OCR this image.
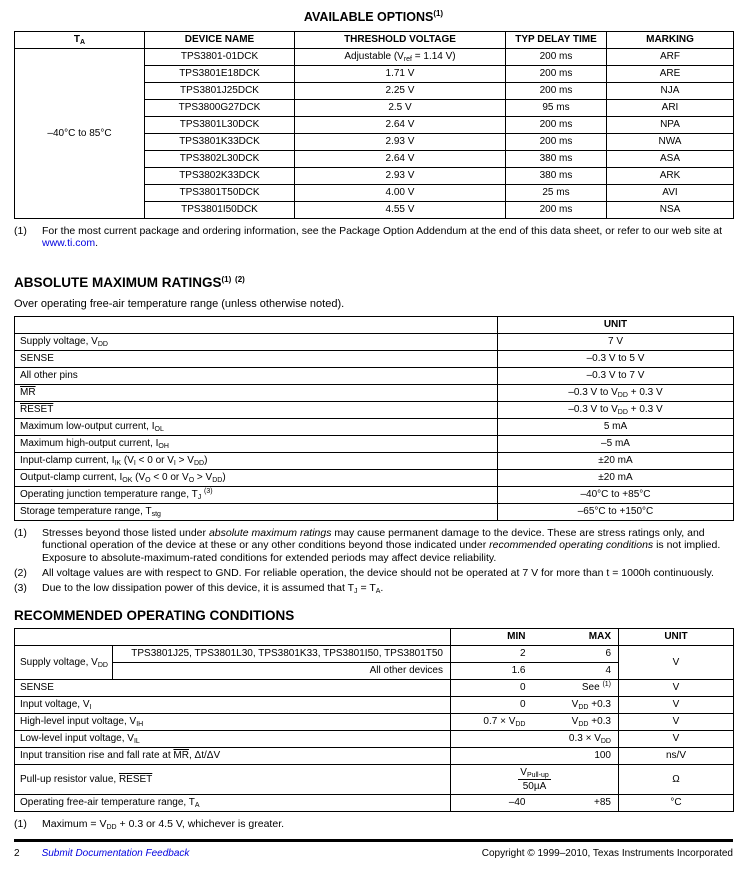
AVAILABLE OPTIONS$^{(1)}$
$T_A$	DEVICE NAME	THRESHOLD VOLTAGE	TYP DELAY TIME	MARKING
–40°C to 85°C	TPS3801-01DCK	Adjustable ($V_{ref} = 1.14$ V)	200 ms	ARF
	TPS3801E18DCK	1.71 V	200 ms	ARE
	TPS3801J25DCK	2.25 V	200 ms	NJA
	TPS3800G27DCK	2.5 V	95 ms	ARI
	TPS3801L30DCK	2.64 V	200 ms	NPA
	TPS3801K33DCK	2.93 V	200 ms	NWA
	TPS3802L30DCK	2.64 V	380 ms	ASA
	TPS3802K33DCK	2.93 V	380 ms	ARK
	TPS3801T50DCK	4.00 V	25 ms	AVI
	TPS3801I50DCK	4.55 V	200 ms	NSA
(1)	For the most current package and ordering information, see the Package Option Addendum at the end of this data sheet, or refer to our web site at www.ti.com.
ABSOLUTE MAXIMUM RATINGS$^{(1)}$ $^{(2)}$
Over operating free-air temperature range (unless otherwise noted).
	UNIT
Supply voltage, $V_{DD}$	7 V
SENSE	–0.3 V to 5 V
All other pins	–0.3 V to 7 V
$\overline{MR}$	–0.3 V to $V_{DD} + 0.3$ V
RESET	–0.3 V to $V_{DD} + 0.3$ V
Maximum low-output current, $I_{OL}$	5 mA
Maximum high-output current, $I_{OH}$	–5 mA
Input-clamp current, $I_{IK}$ ($V_I < 0$ or $V_I > V_{DD}$)	±20 mA
Output-clamp current, $I_{OK}$ ($V_O < 0$ or $V_O > V_{DD}$)	±20 mA
Operating junction temperature range, $T_J$ $^{(3)}$	–40°C to +85°C
Storage temperature range, $T_{stg}$	–65°C to +150°C
(1)	Stresses beyond those listed under absolute maximum ratings may cause permanent damage to the device. These are stress ratings only, and functional operation of the device at these or any other conditions beyond those indicated under recommended operating conditions is not implied. Exposure to absolute-maximum-rated conditions for extended periods may affect device reliability.
(2)	All voltage values are with respect to GND. For reliable operation, the device should not be operated at 7 V for more than t = 1000h continuously.
(3)	Due to the low dissipation power of this device, it is assumed that $T_J = T_A$.
RECOMMENDED OPERATING CONDITIONS
		MIN	MAX	UNIT
Supply voltage, $V_{DD}$	TPS3801J25, TPS3801L30, TPS3801K33, TPS3801I50, TPS3801T50	2	6	V
	All other devices	1.6	4	
SENSE		0	See $^{(1)}$	V
Input voltage, $V_I$		0	$V_{DD} +0.3$	V
High-level input voltage, $V_{IH}$		$0.7 \times V_{DD}$	$V_{DD} +0.3$	V
Low-level input voltage, $V_{IL}$			$0.3 \times V_{DD}$	V
Input transition rise and fall rate at $\overline{MR}$, Δt/ΔV			100	ns/V
Pull-up resistor value, RESET		$\frac{V_{Pull-up}}{\text{50µA}}$		Ω
Operating free-air temperature range, $T_A$		–40	+85	°C
(1)	Maximum = $V_{DD} + 0.3$ or 4.5 V, whichever is greater.
2 Submit Documentation Feedback	Copyright © 1999–2010, Texas Instruments Incorporated
